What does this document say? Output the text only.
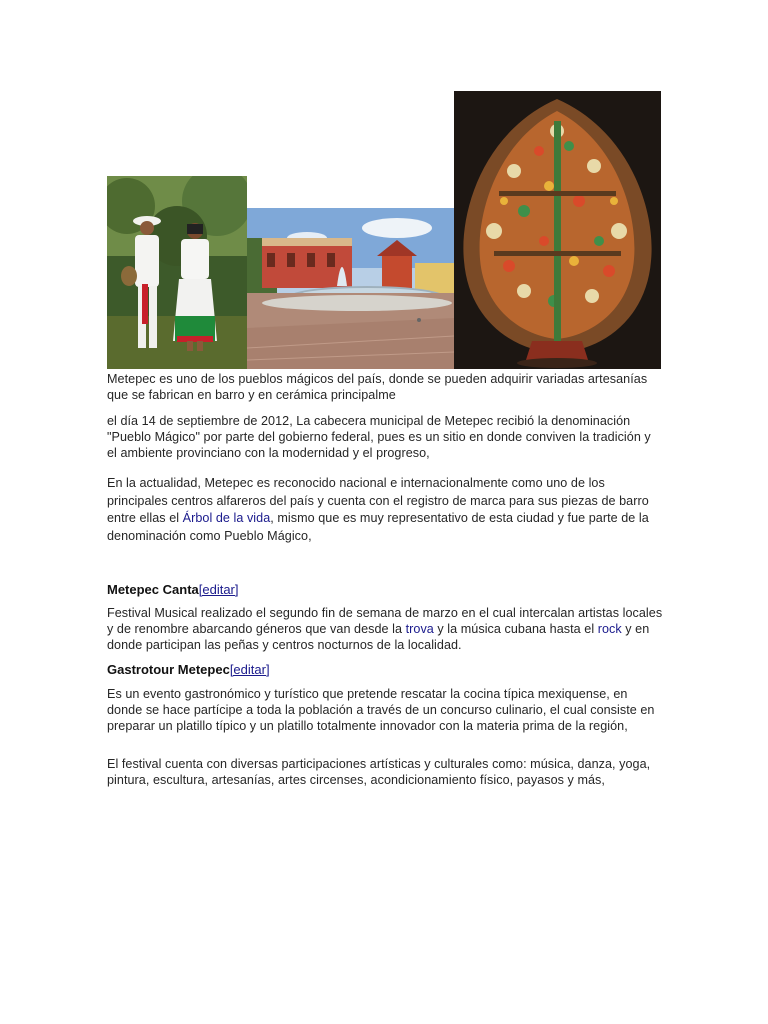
Metepec es uno de los pueblos mágicos del país, donde se pueden adquirir variadas artesanías que se fabrican en barro y en cerámica principalme

el día 14 de septiembre de 2012, La cabecera municipal de Metepec recibió la denominación "Pueblo Mágico" por parte del gobierno federal, pues es un sitio en donde conviven la tradición y el ambiente provinciano con la modernidad y el progreso,

En la actualidad, Metepec es reconocido nacional e internacionalmente como uno de los principales centros alfareros del país y cuenta con el registro de marca para sus piezas de barro entre ellas el Árbol de la vida, mismo que es muy representativo de esta ciudad y fue parte de la denominación como Pueblo Mágico,

Metepec Canta[editar]

Festival Musical realizado el segundo fin de semana de marzo en el cual intercalan artistas locales y de renombre abarcando géneros que van desde la trova y la música cubana hasta el rock y en donde participan las peñas y centros nocturnos de la localidad.

Gastrotour Metepec[editar]

Es un evento gastronómico y turístico que pretende rescatar la cocina típica mexiquense, en donde se hace partícipe a toda la población a través de un concurso culinario, el cual consiste en preparar un platillo típico y un platillo totalmente innovador con la materia prima de la región,

El festival cuenta con diversas participaciones artísticas y culturales como: música, danza, yoga, pintura, escultura, artesanías, artes circenses, acondicionamiento físico, payasos y más,
